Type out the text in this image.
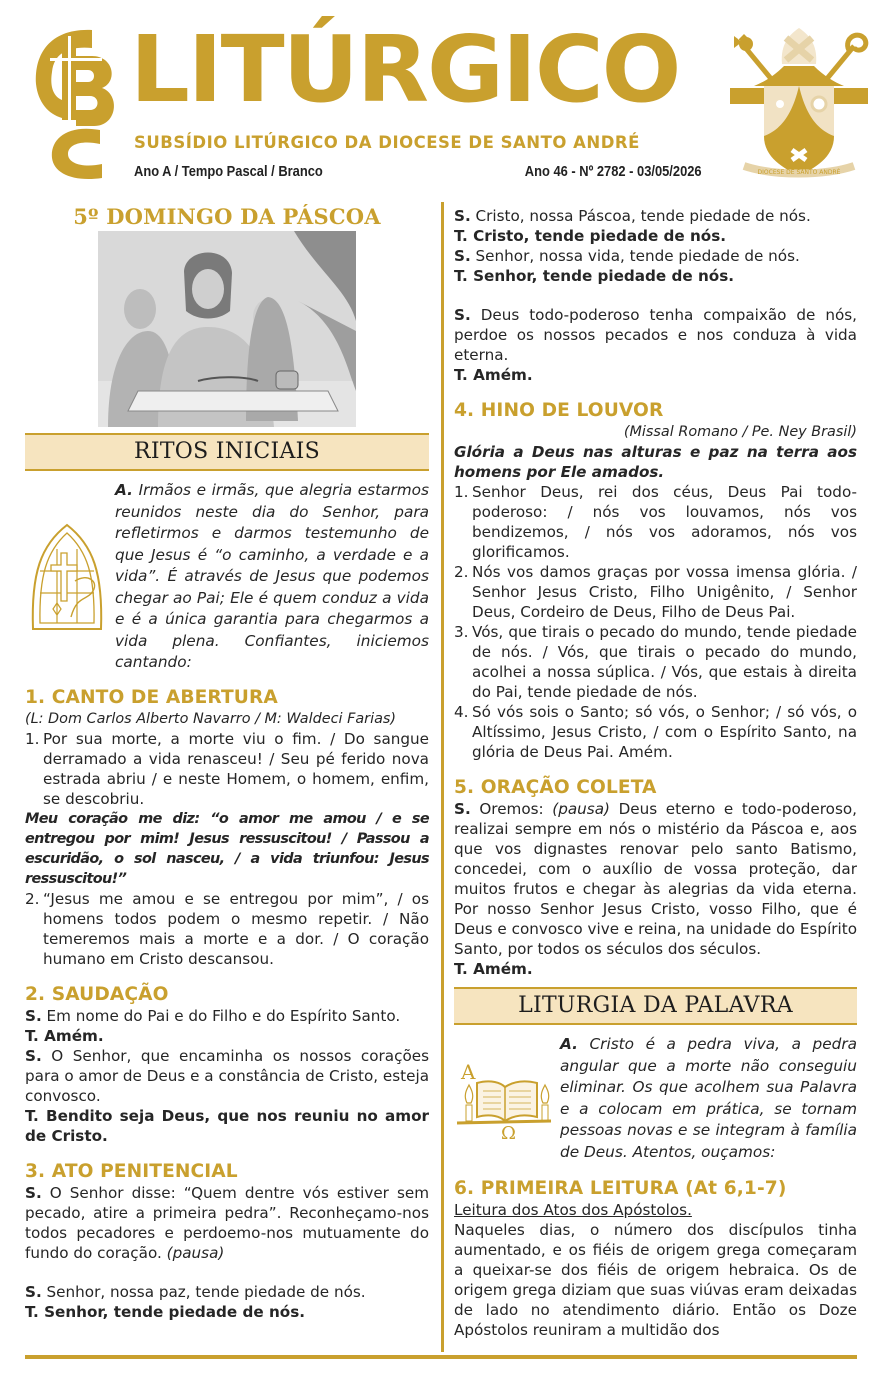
LITÚRGICO
SUBSÍDIO LITÚRGICO DA DIOCESE DE SANTO ANDRÉ
Ano A / Tempo Pascal / Branco	Ano 46 - Nº 2782 - 03/05/2026	DIOCESE DE SANTO ANDRÉ
5º DOMINGO DA PÁSCOA
RITOS INICIAIS
A. Irmãos e irmãs, que alegria estarmos reunidos neste dia do Senhor, para refletirmos e darmos testemunho de que Jesus é “o caminho, a verdade e a vida”. É através de Jesus que podemos chegar ao Pai; Ele é quem conduz a vida e é a única garantia para chegarmos a vida plena. Confiantes, iniciemos cantando:
1. CANTO DE ABERTURA
(L: Dom Carlos Alberto Navarro / M: Waldeci Farias)
1. Por sua morte, a morte viu o fim. / Do sangue derramado a vida renasceu! / Seu pé ferido nova estrada abriu / e neste Homem, o homem, enfim, se descobriu.

Meu coração me diz: “o amor me amou / e se entregou por mim! Jesus ressuscitou! / Passou a escuridão, o sol nasceu, / a vida triunfou: Jesus ressuscitou!”

2. “Jesus me amou e se entregou por mim”, / os homens todos podem o mesmo repetir. / Não temeremos mais a morte e a dor. / O coração humano em Cristo descansou.
2. SAUDAÇÃO

S. Em nome do Pai e do Filho e do Espírito Santo.

T. Amém.

S. O Senhor, que encaminha os nossos corações para o amor de Deus e a constância de Cristo, esteja convosco.

T. Bendito seja Deus, que nos reuniu no amor de Cristo.

3. ATO PENITENCIAL

S. O Senhor disse: “Quem dentre vós estiver sem pecado, atire a primeira pedra”. Reconheçamo-nos todos pecadores e perdoemo-nos mutuamente do fundo do coração. (pausa)

S. Senhor, nossa paz, tende piedade de nós.

T. Senhor, tende piedade de nós.

S. Cristo, nossa Páscoa, tende piedade de nós.

T. Cristo, tende piedade de nós.

S. Senhor, nossa vida, tende piedade de nós.

T. Senhor, tende piedade de nós.

S. Deus todo-poderoso tenha compaixão de nós, perdoe os nossos pecados e nos conduza à vida eterna.

T. Amém.

4. HINO DE LOUVOR
(Missal Romano / Pe. Ney Brasil)

Glória a Deus nas alturas e paz na terra aos homens por Ele amados.

1. Senhor Deus, rei dos céus, Deus Pai todo-poderoso: / nós vos louvamos, nós vos bendizemos, / nós vos adoramos, nós vos glorificamos.
2. Nós vos damos graças por vossa imensa glória. / Senhor Jesus Cristo, Filho Unigênito, / Senhor Deus, Cordeiro de Deus, Filho de Deus Pai.
3. Vós, que tirais o pecado do mundo, tende piedade de nós. / Vós, que tirais o pecado do mundo, acolhei a nossa súplica. / Vós, que estais à direita do Pai, tende piedade de nós.
4. Só vós sois o Santo; só vós, o Senhor; / só vós, o Altíssimo, Jesus Cristo, / com o Espírito Santo, na glória de Deus Pai. Amém.
5. ORAÇÃO COLETA

S. Oremos: (pausa) Deus eterno e todo-poderoso, realizai sempre em nós o mistério da Páscoa e, aos que vos dignastes renovar pelo santo Batismo, concedei, com o auxílio de vossa proteção, dar muitos frutos e chegar às alegrias da vida eterna. Por nosso Senhor Jesus Cristo, vosso Filho, que é Deus e convosco vive e reina, na unidade do Espírito Santo, por todos os séculos dos séculos.

T. Amém.

LITURGIA DA PALAVRA
A
Ω
A. Cristo é a pedra viva, a pedra angular que a morte não conseguiu eliminar. Os que acolhem sua Palavra e a colocam em prática, se tornam pessoas novas e se integram à família de Deus. Atentos, ouçamos:
6. PRIMEIRA LEITURA (At 6,1-7)
Leitura dos Atos dos Apóstolos.

Naqueles dias, o número dos discípulos tinha aumentado, e os fiéis de origem grega começaram a queixar-se dos fiéis de origem hebraica. Os de origem grega diziam que suas viúvas eram deixadas de lado no atendimento diário. Então os Doze Apóstolos reuniram a multidão dos
